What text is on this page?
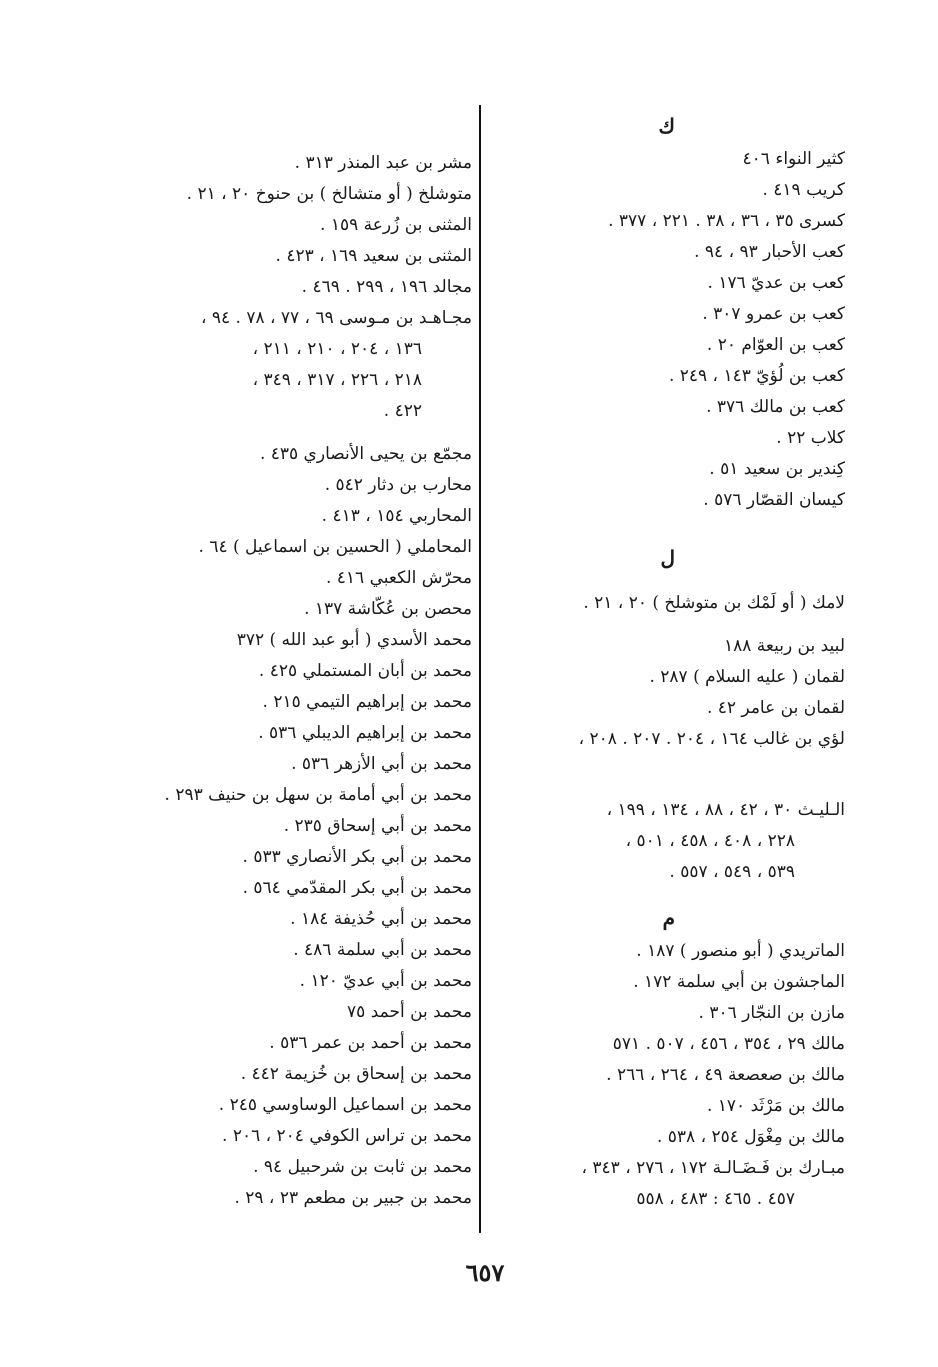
ك
كثير النواء ٤٠٦
كريب ٤١٩ .
كسرى ٣٥ ، ٣٦ ، ٣٨ . ٢٢١ ، ٣٧٧ .
كعب الأحبار ٩٣ ، ٩٤ .
كعب بن عديّ ١٧٦ .
كعب بن عمرو ٣٠٧ .
كعب بن العوّام ٢٠ .
كعب بن لُؤيّ ١٤٣ ، ٢٤٩ .
كعب بن مالك ٣٧٦ .
كلاب ٢٢ .
كِندير بن سعيد ٥١ .
كيسان القصّار ٥٧٦ .
ل
لامك ( أو لَمْك بن متوشلخ ) ٢٠ ، ٢١ .
لبيد بن ربيعة ١٨٨
لقمان ( عليه السلام ) ٢٨٧ .
لقمان بن عامر ٤٢ .
لؤي بن غالب ١٦٤ ، ٢٠٤ . ٢٠٧ . ٢٠٨ ،
الـليـث ٣٠ ، ٤٢ ، ٨٨ ، ١٣٤ ، ١٩٩ ،
٢٢٨ ، ٤٠٨ ، ٤٥٨ ، ٥٠١ ،
٥٣٩ ، ٥٤٩ ، ٥٥٧ .
م
الماتريدي ( أبو منصور ) ١٨٧ .
الماجشون بن أبي سلمة ١٧٢ .
مازن بن النجّار ٣٠٦ .
مالك ٢٩ ، ٣٥٤ ، ٤٥٦ ، ٥٠٧ . ٥٧١
مالك بن صعصعة ٤٩ ، ٢٦٤ ، ٢٦٦ .
مالك بن مَرْثَد ١٧٠ .
مالك بن مِغْوَل ٢٥٤ ، ٥٣٨ .
مبـارك بن فَـضَـالـة ١٧٢ ، ٢٧٦ ، ٣٤٣ ،
٤٥٧ . ٤٦٥ : ٤٨٣ ، ٥٥٨
مشر بن عبد المنذر ٣١٣ .
متوشلخ ( أو متشالخ ) بن حنوخ ٢٠ ، ٢١ .
المثنى بن زُرعة ١٥٩ .
المثنى بن سعيد ١٦٩ ، ٤٢٣ .
مجالد ١٩٦ ، ٢٩٩ . ٤٦٩ .
مجـاهـد بن مـوسى ٦٩ ، ٧٧ ، ٧٨ . ٩٤ ،
١٣٦ ، ٢٠٤ ، ٢١٠ ، ٢١١ ،
٢١٨ ، ٢٢٦ ، ٣١٧ ، ٣٤٩ ،
٤٢٢ .
مجمّع بن يحيى الأنصاري ٤٣٥ .
محارب بن دثار ٥٤٢ .
المحاربي ١٥٤ ، ٤١٣ .
المحاملي ( الحسين بن اسماعيل ) ٦٤ .
محرّش الكعبي ٤١٦ .
محصن بن عُكّاشة ١٣٧ .
محمد الأسدي ( أبو عبد الله ) ٣٧٢
محمد بن أبان المستملي ٤٢٥ .
محمد بن إبراهيم التيمي ٢١٥ .
محمد بن إبراهيم الديبلي ٥٣٦ .
محمد بن أبي الأزهر ٥٣٦ .
محمد بن أبي أمامة بن سهل بن حنيف ٢٩٣ .
محمد بن أبي إسحاق ٢٣٥ .
محمد بن أبي بكر الأنصاري ٥٣٣ .
محمد بن أبي بكر المقدّمي ٥٦٤ .
محمد بن أبي حُذيفة ١٨٤ .
محمد بن أبي سلمة ٤٨٦ .
محمد بن أبي عديّ ١٢٠ .
محمد بن أحمد ٧٥
محمد بن أحمد بن عمر ٥٣٦ .
محمد بن إسحاق بن خُزيمة ٤٤٢ .
محمد بن اسماعيل الوساوسي ٢٤٥ .
محمد بن تراس الكوفي ٢٠٤ ، ٢٠٦ .
محمد بن ثابت بن شرحبيل ٩٤ .
محمد بن جبير بن مطعم ٢٣ ، ٢٩ .
٦٥٧
